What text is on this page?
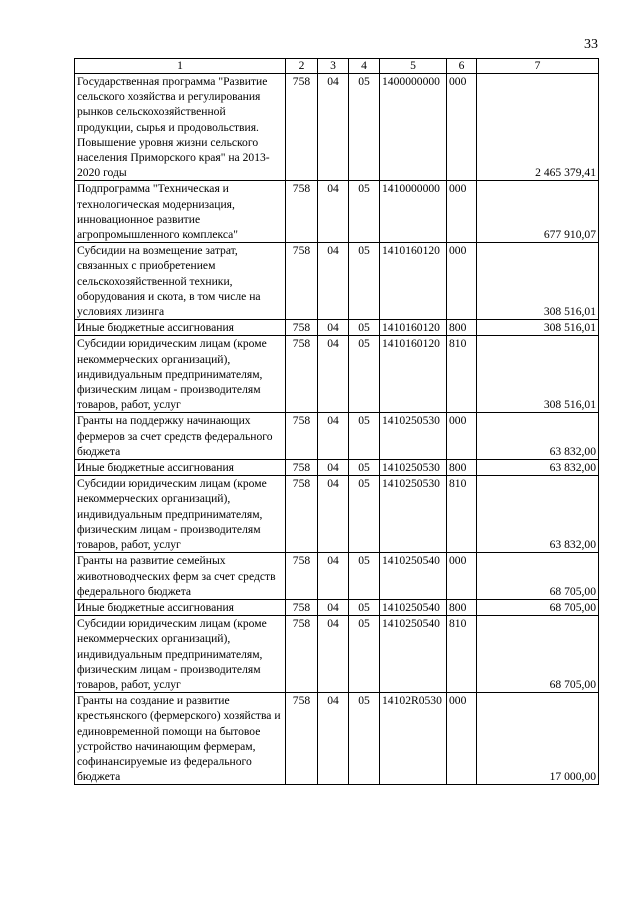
33
1	2	3	4	5	6	7
Государственная программа "Развитие сельского хозяйства и регулирования рынков сельскохозяйственной продукции, сырья и продовольствия. Повышение уровня жизни сельского населения Приморского края" на 2013-2020 годы	758	04	05	1400000000	000	2 465 379,41
Подпрограмма "Техническая и технологическая модернизация, инновационное развитие агропромышленного комплекса"	758	04	05	1410000000	000	677 910,07
Субсидии на возмещение затрат, связанных с приобретением сельскохозяйственной техники, оборудования и скота, в том числе на условиях лизинга	758	04	05	1410160120	000	308 516,01
Иные бюджетные ассигнования	758	04	05	1410160120	800	308 516,01
Субсидии юридическим лицам (кроме некоммерческих организаций), индивидуальным предпринимателям, физическим лицам - производителям товаров, работ, услуг	758	04	05	1410160120	810	308 516,01
Гранты на поддержку начинающих фермеров за счет средств федерального бюджета	758	04	05	1410250530	000	63 832,00
Иные бюджетные ассигнования	758	04	05	1410250530	800	63 832,00
Субсидии юридическим лицам (кроме некоммерческих организаций), индивидуальным предпринимателям, физическим лицам - производителям товаров, работ, услуг	758	04	05	1410250530	810	63 832,00
Гранты на развитие семейных животноводческих ферм за счет средств федерального бюджета	758	04	05	1410250540	000	68 705,00
Иные бюджетные ассигнования	758	04	05	1410250540	800	68 705,00
Субсидии юридическим лицам (кроме некоммерческих организаций), индивидуальным предпринимателям, физическим лицам - производителям товаров, работ, услуг	758	04	05	1410250540	810	68 705,00
Гранты на создание и развитие крестьянского (фермерского) хозяйства и единовременной помощи на бытовое устройство начинающим фермерам, софинансируемые из федерального бюджета	758	04	05	14102R0530	000	17 000,00
